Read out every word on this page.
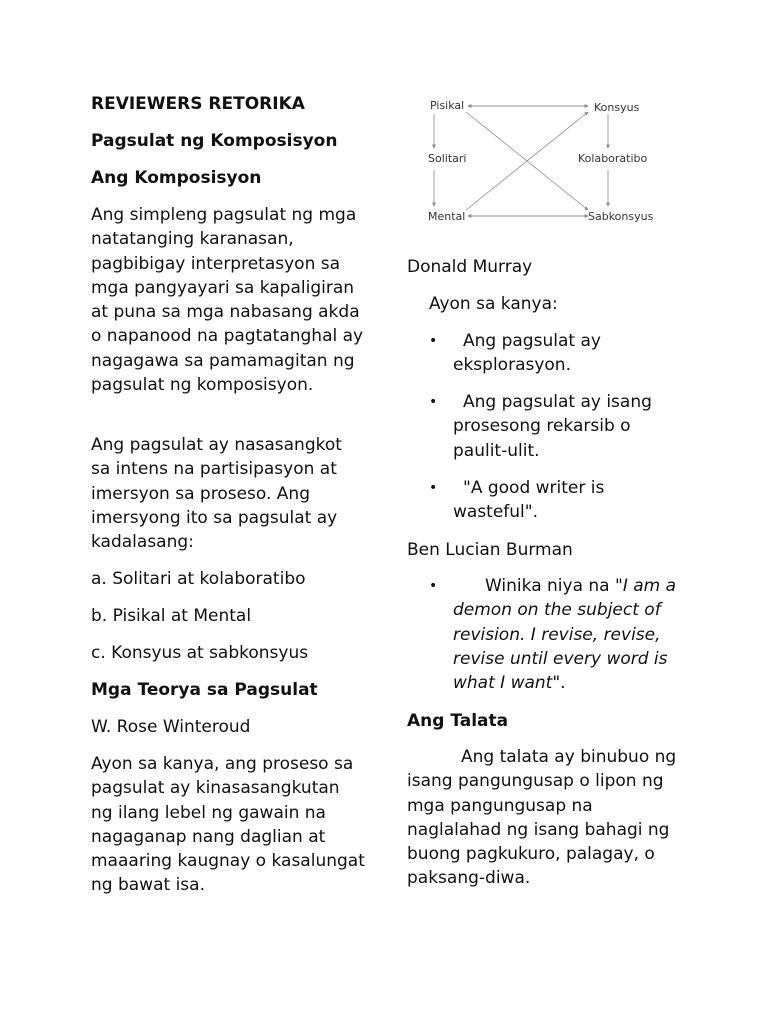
REVIEWERS RETORIKA

Pagsulat ng Komposisyon

Ang Komposisyon

Ang simpleng pagsulat ng mga natatanging karanasan, pagbibigay interpretasyon sa mga pangyayari sa kapaligiran at puna sa mga nabasang akda o napanood na pagtatanghal ay nagagawa sa pamamagitan ng pagsulat ng komposisyon.

Ang pagsulat ay nasasangkot sa intens na partisipasyon at imersyon sa proseso. Ang imersyong ito sa pagsulat ay kadalasang:

a. Solitari at kolaboratibo

b. Pisikal at Mental

c. Konsyus at sabkonsyus

Mga Teorya sa Pagsulat

W. Rose Winteroud

Ayon sa kanya, ang proseso sa pagsulat ay kinasasangkutan ng ilang lebel ng gawain na nagaganap nang daglian at maaaring kaugnay o kasalungat ng bawat isa.

Pisikal	Konsyus
Solitari	Kolaboratibo
Mental	Sabkonsyus

Donald Murray

Ayon sa kanya:

•	Ang pagsulat ay eksplorasyon.
•	Ang pagsulat ay isang prosesong rekarsib o paulit-ulit.
•	"A good writer is wasteful".

Ben Lucian Burman

•	Winika niya na "I am a demon on the subject of revision. I revise, revise, revise until every word is what I want".

Ang Talata

Ang talata ay binubuo ng isang pangungusap o lipon ng mga pangungusap na naglalahad ng isang bahagi ng buong pagkukuro, palagay, o paksang-diwa.
